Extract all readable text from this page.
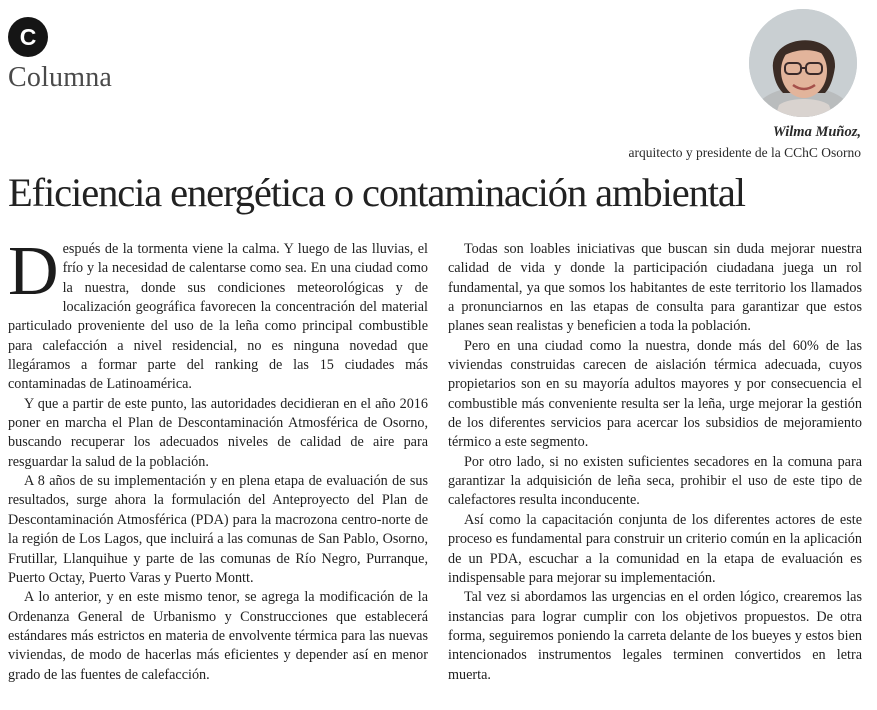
C
Columna
Wilma Muñoz,
arquitecto y presidente de la CChC Osorno
Eficiencia energética o contaminación ambiental

Después de la tormenta viene la calma. Y luego de las lluvias, el frío y la necesidad de calentarse como sea. En una ciudad como la nuestra, donde sus condiciones meteorológicas y de localización geográfica favorecen la concentración del material particulado proveniente del uso de la leña como principal combustible para calefacción a nivel residencial, no es ninguna novedad que llegáramos a formar parte del ranking de las 15 ciudades más contaminadas de Latinoamérica.

Y que a partir de este punto, las autoridades decidieran en el año 2016 poner en marcha el Plan de Descontaminación Atmosférica de Osorno, buscando recuperar los adecuados niveles de calidad de aire para resguardar la salud de la población.

A 8 años de su implementación y en plena etapa de evaluación de sus resultados, surge ahora la formulación del Anteproyecto del Plan de Descontaminación Atmosférica (PDA) para la macrozona centro-norte de la región de Los Lagos, que incluirá a las comunas de San Pablo, Osorno, Frutillar, Llanquihue y parte de las comunas de Río Negro, Purranque, Puerto Octay, Puerto Varas y Puerto Montt.

A lo anterior, y en este mismo tenor, se agrega la modificación de la Ordenanza General de Urbanismo y Construcciones que establecerá estándares más estrictos en materia de envolvente térmica para las nuevas viviendas, de modo de hacerlas más eficientes y depender así en menor grado de las fuentes de calefacción.

Todas son loables iniciativas que buscan sin duda mejorar nuestra calidad de vida y donde la participación ciudadana juega un rol fundamental, ya que somos los habitantes de este territorio los llamados a pronunciarnos en las etapas de consulta para garantizar que estos planes sean realistas y beneficien a toda la población.

Pero en una ciudad como la nuestra, donde más del 60% de las viviendas construidas carecen de aislación térmica adecuada, cuyos propietarios son en su mayoría adultos mayores y por consecuencia el combustible más conveniente resulta ser la leña, urge mejorar la gestión de los diferentes servicios para acercar los subsidios de mejoramiento térmico a este segmento.

Por otro lado, si no existen suficientes secadores en la comuna para garantizar la adquisición de leña seca, prohibir el uso de este tipo de calefactores resulta inconducente.

Así como la capacitación conjunta de los diferentes actores de este proceso es fundamental para construir un criterio común en la aplicación de un PDA, escuchar a la comunidad en la etapa de evaluación es indispensable para mejorar su implementación.

Tal vez si abordamos las urgencias en el orden lógico, crearemos las instancias para lograr cumplir con los objetivos propuestos. De otra forma, seguiremos poniendo la carreta delante de los bueyes y estos bien intencionados instrumentos legales terminen convertidos en letra muerta.
